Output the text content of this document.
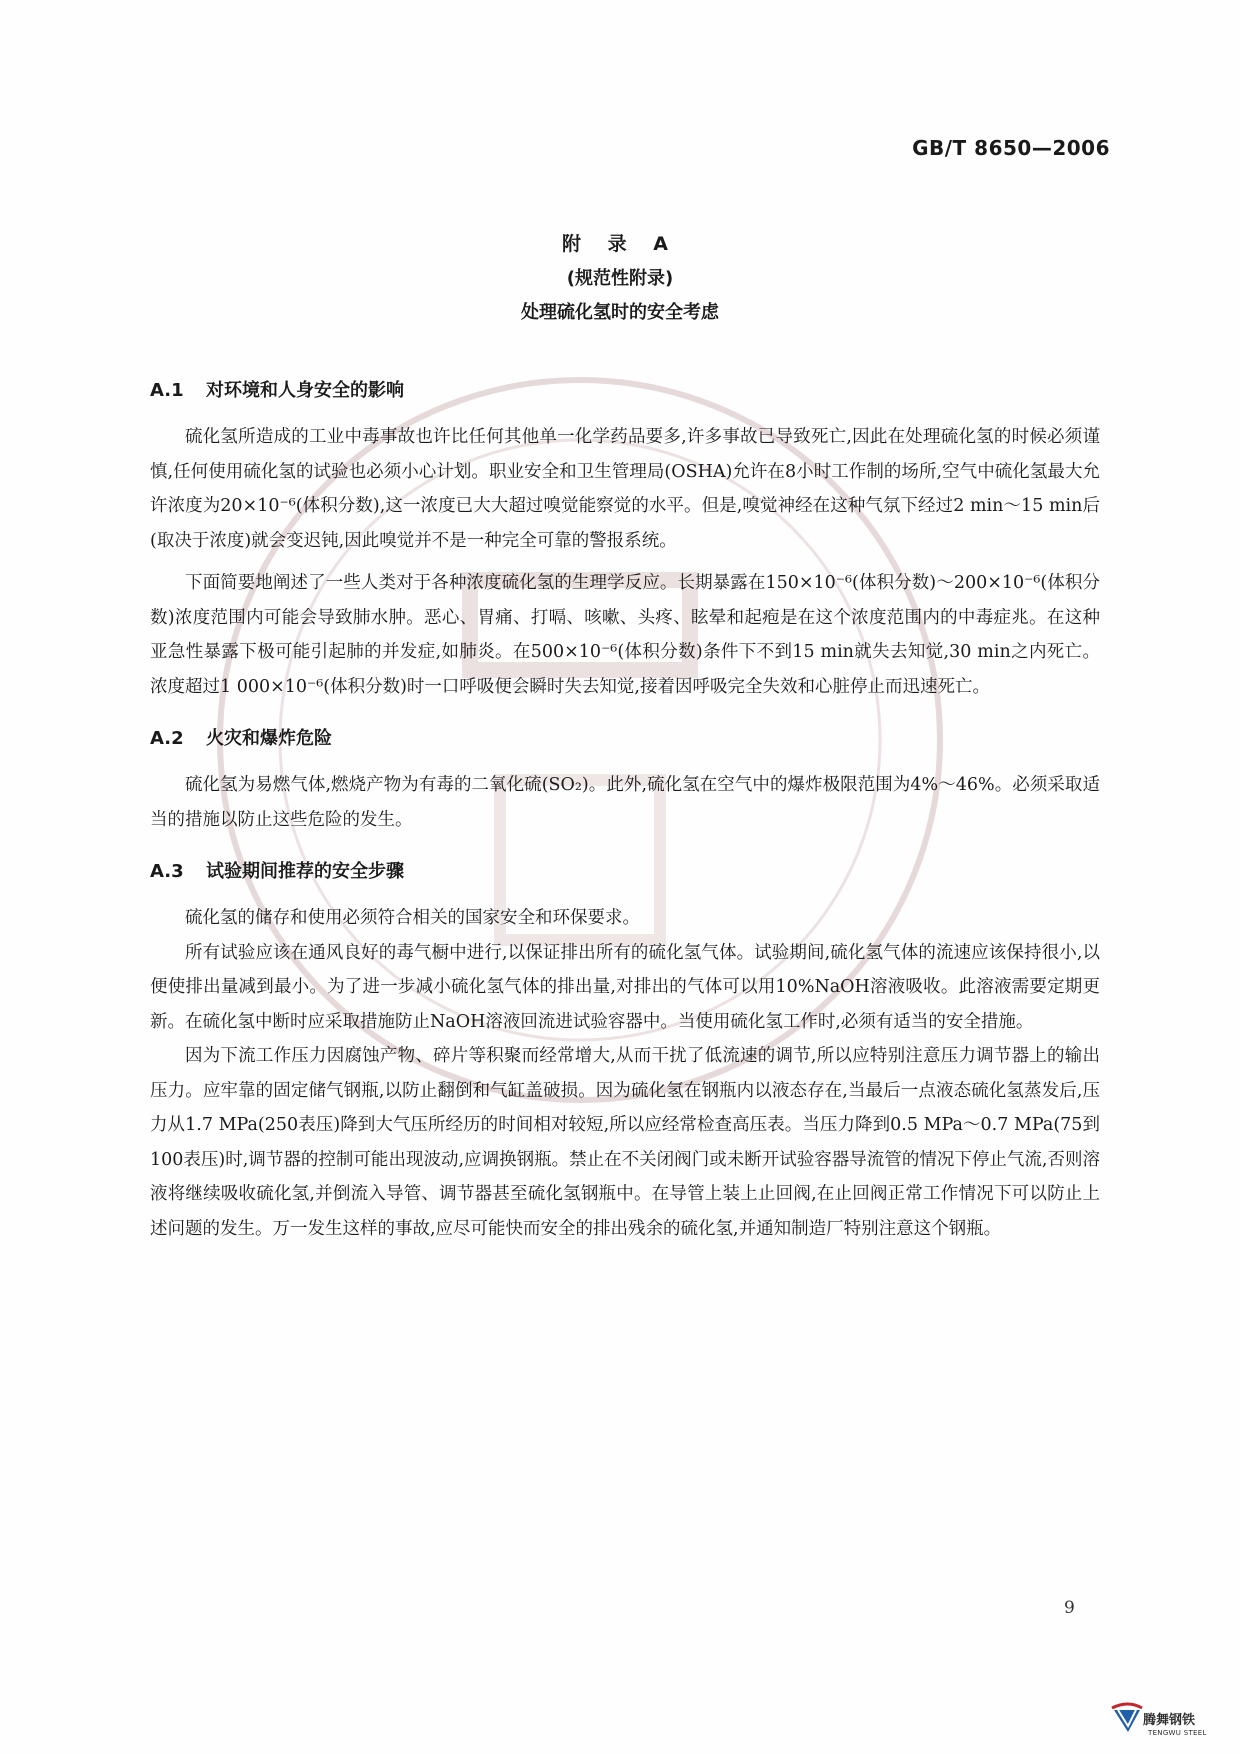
GB/T 8650—2006
附 录 A
(规范性附录)
处理硫化氢时的安全考虑
A.1 对环境和人身安全的影响

硫化氢所造成的工业中毒事故也许比任何其他单一化学药品要多,许多事故已导致死亡,因此在处理硫化氢的时候必须谨慎,任何使用硫化氢的试验也必须小心计划。职业安全和卫生管理局(OSHA)允许在8小时工作制的场所,空气中硫化氢最大允许浓度为20×10⁻⁶(体积分数),这一浓度已大大超过嗅觉能察觉的水平。但是,嗅觉神经在这种气氛下经过2 min～15 min后(取决于浓度)就会变迟钝,因此嗅觉并不是一种完全可靠的警报系统。

下面简要地阐述了一些人类对于各种浓度硫化氢的生理学反应。长期暴露在150×10⁻⁶(体积分数)～200×10⁻⁶(体积分数)浓度范围内可能会导致肺水肿。恶心、胃痛、打嗝、咳嗽、头疼、眩晕和起疱是在这个浓度范围内的中毒症兆。在这种亚急性暴露下极可能引起肺的并发症,如肺炎。在500×10⁻⁶(体积分数)条件下不到15 min就失去知觉,30 min之内死亡。浓度超过1 000×10⁻⁶(体积分数)时一口呼吸便会瞬时失去知觉,接着因呼吸完全失效和心脏停止而迅速死亡。

A.2 火灾和爆炸危险

硫化氢为易燃气体,燃烧产物为有毒的二氧化硫(SO₂)。此外,硫化氢在空气中的爆炸极限范围为4%～46%。必须采取适当的措施以防止这些危险的发生。

A.3 试验期间推荐的安全步骤

硫化氢的储存和使用必须符合相关的国家安全和环保要求。

所有试验应该在通风良好的毒气橱中进行,以保证排出所有的硫化氢气体。试验期间,硫化氢气体的流速应该保持很小,以便使排出量减到最小。为了进一步减小硫化氢气体的排出量,对排出的气体可以用10%NaOH溶液吸收。此溶液需要定期更新。在硫化氢中断时应采取措施防止NaOH溶液回流进试验容器中。当使用硫化氢工作时,必须有适当的安全措施。

因为下流工作压力因腐蚀产物、碎片等积聚而经常增大,从而干扰了低流速的调节,所以应特别注意压力调节器上的输出压力。应牢靠的固定储气钢瓶,以防止翻倒和气缸盖破损。因为硫化氢在钢瓶内以液态存在,当最后一点液态硫化氢蒸发后,压力从1.7 MPa(250表压)降到大气压所经历的时间相对较短,所以应经常检查高压表。当压力降到0.5 MPa～0.7 MPa(75到100表压)时,调节器的控制可能出现波动,应调换钢瓶。禁止在不关闭阀门或未断开试验容器导流管的情况下停止气流,否则溶液将继续吸收硫化氢,并倒流入导管、调节器甚至硫化氢钢瓶中。在导管上装上止回阀,在止回阀正常工作情况下可以防止上述问题的发生。万一发生这样的事故,应尽可能快而安全的排出残余的硫化氢,并通知制造厂特别注意这个钢瓶。

9
腾舞钢铁
TENGWU STEEL
